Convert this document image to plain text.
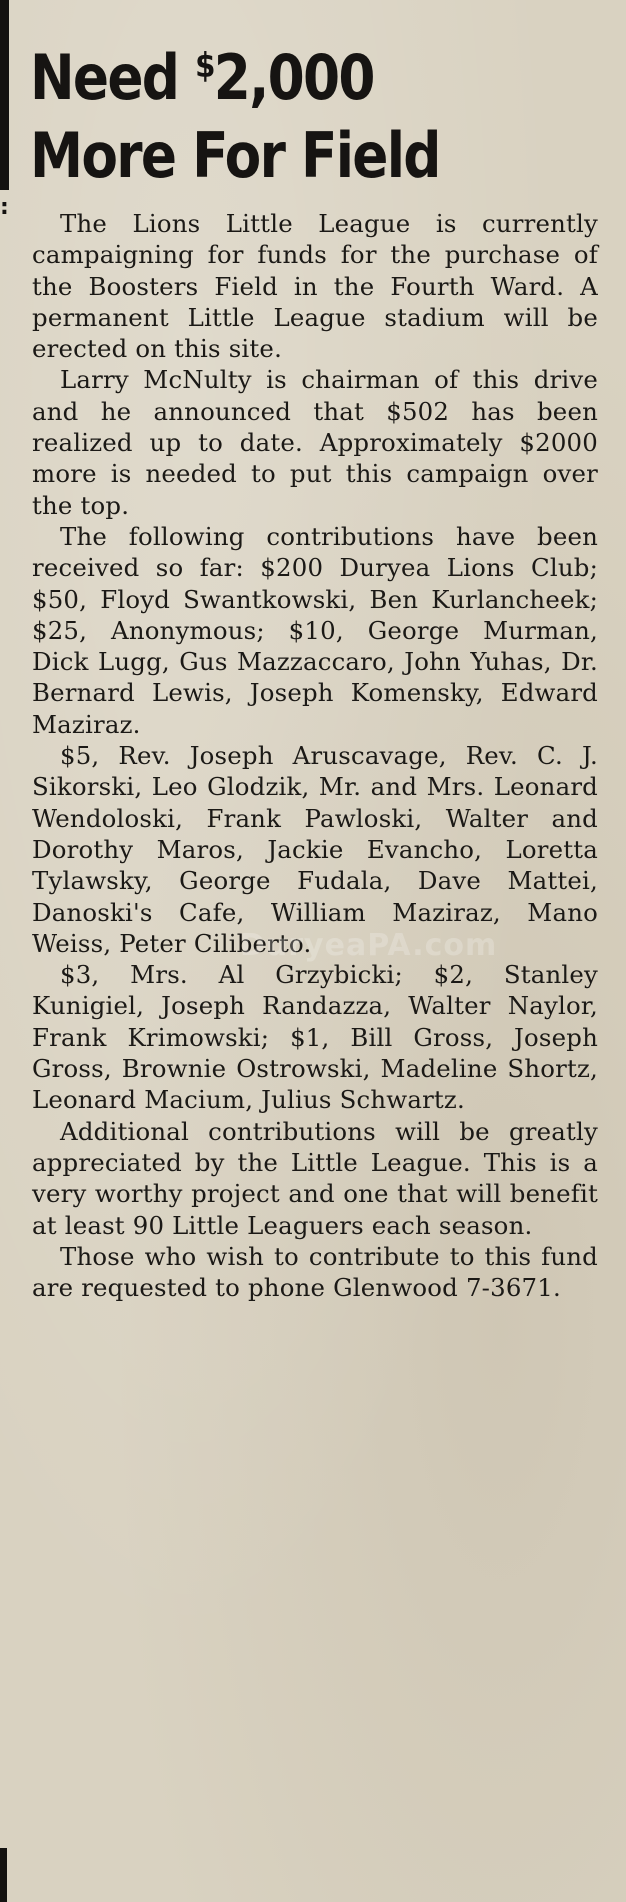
:
Need $2,000
More For Field

The Lions Little League is currently campaigning for funds for the purchase of the Boosters Field in the Fourth Ward. A permanent Little League stadium will be erected on this site.

Larry McNulty is chairman of this drive and he announced that $502 has been realized up to date. Approximately $2000 more is needed to put this campaign over the top.

The following contributions have been received so far: $200 Duryea Lions Club; $50, Floyd Swantkowski, Ben Kurlancheek; $25, Anonymous; $10, George Murman, Dick Lugg, Gus Mazzaccaro, John Yuhas, Dr. Bernard Lewis, Joseph Komensky, Edward Maziraz.

$5, Rev. Joseph Aruscavage, Rev. C. J. Sikorski, Leo Glodzik, Mr. and Mrs. Leonard Wendoloski, Frank Pawloski, Walter and Dorothy Maros, Jackie Evancho, Loretta Tylawsky, George Fudala, Dave Mattei, Danoski's Cafe, William Maziraz, Mano Weiss, Peter Ciliberto.

$3, Mrs. Al Grzybicki; $2, Stanley Kunigiel, Joseph Randazza, Walter Naylor, Frank Krimowski; $1, Bill Gross, Joseph Gross, Brownie Ostrowski, Madeline Shortz, Leonard Macium, Julius Schwartz.

Additional contributions will be greatly appreciated by the Little League. This is a very worthy project and one that will benefit at least 90 Little Leaguers each season.

Those who wish to contribute to this fund are requested to phone Glenwood 7-3671.

DuryeaPA.com
